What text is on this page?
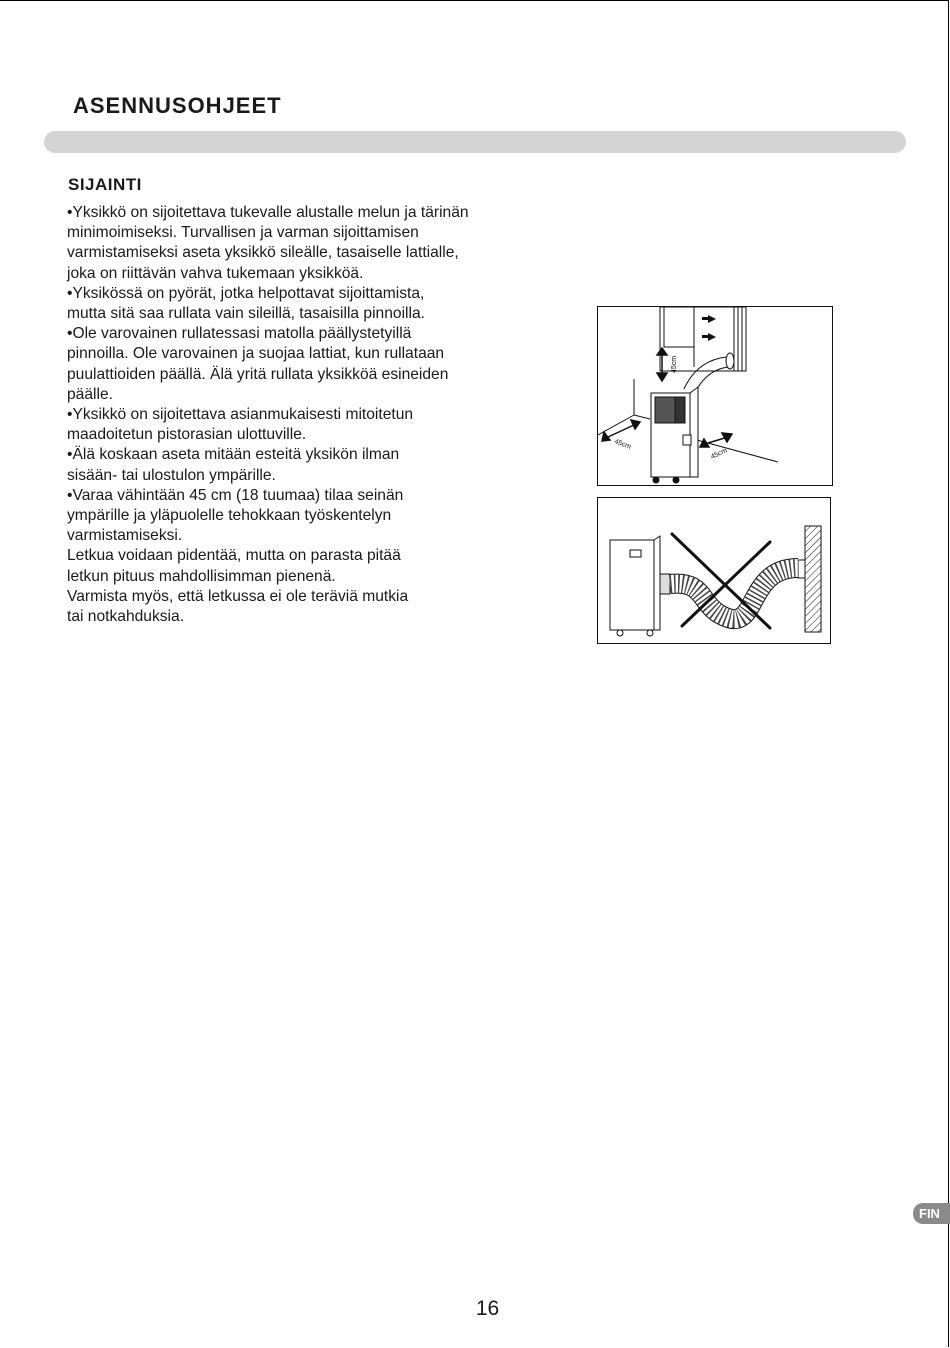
ASENNUSOHJEET
SIJAINTI
•Yksikkö on sijoitettava tukevalle alustalle melun ja tärinän
minimoimiseksi. Turvallisen ja varman sijoittamisen
varmistamiseksi aseta yksikkö sileälle, tasaiselle lattialle,
joka on riittävän vahva tukemaan yksikköä.
•Yksikössä on pyörät, jotka helpottavat sijoittamista,
mutta sitä saa rullata vain sileillä, tasaisilla pinnoilla.
•Ole varovainen rullatessasi matolla päällystetyillä
pinnoilla. Ole varovainen ja suojaa lattiat, kun rullataan
puulattioiden päällä. Älä yritä rullata yksikköä esineiden
päälle.
•Yksikkö on sijoitettava asianmukaisesti mitoitetun
maadoitetun pistorasian ulottuville.
•Älä koskaan aseta mitään esteitä yksikön ilman
sisään- tai ulostulon ympärille.
•Varaa vähintään 45 cm (18 tuumaa) tilaa seinän
ympärille ja yläpuolelle tehokkaan työskentelyn
varmistamiseksi.
Letkua voidaan pidentää, mutta on parasta pitää
letkun pituus mahdollisimman pienenä.
Varmista myös, että letkussa ei ole teräviä mutkia
tai notkahduksia.
45cm
45cm
45cm
FIN
16
